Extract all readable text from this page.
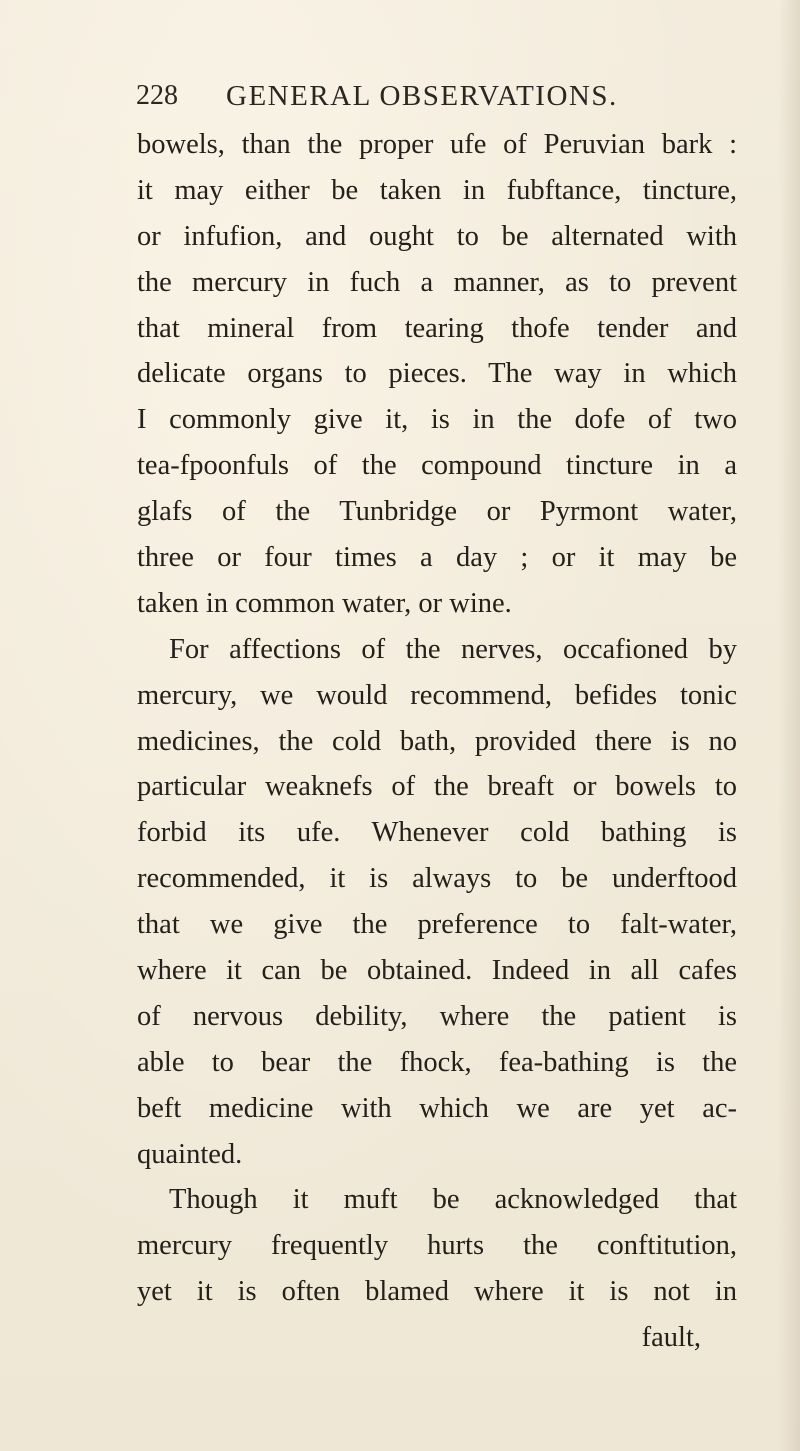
228 GENERAL OBSERVATIONS.
bowels, than the proper ufe of Peruvian bark :
it may either be taken in fubftance, tincture,
or infufion, and ought to be alternated with
the mercury in fuch a manner, as to prevent
that mineral from tearing thofe tender and
delicate organs to pieces. The way in which
I commonly give it, is in the dofe of two
tea-fpoonfuls of the compound tincture in a
glafs of the Tunbridge or Pyrmont water,
three or four times a day ; or it may be
taken in common water, or wine.
For affections of the nerves, occafioned by
mercury, we would recommend, befides tonic
medicines, the cold bath, provided there is no
particular weaknefs of the breaft or bowels to
forbid its ufe. Whenever cold bathing is
recommended, it is always to be underftood
that we give the preference to falt-water,
where it can be obtained. Indeed in all cafes
of nervous debility, where the patient is
able to bear the fhock, fea-bathing is the
beft medicine with which we are yet ac-
quainted.
Though it muft be acknowledged that
mercury frequently hurts the conftitution,
yet it is often blamed where it is not in
fault,
